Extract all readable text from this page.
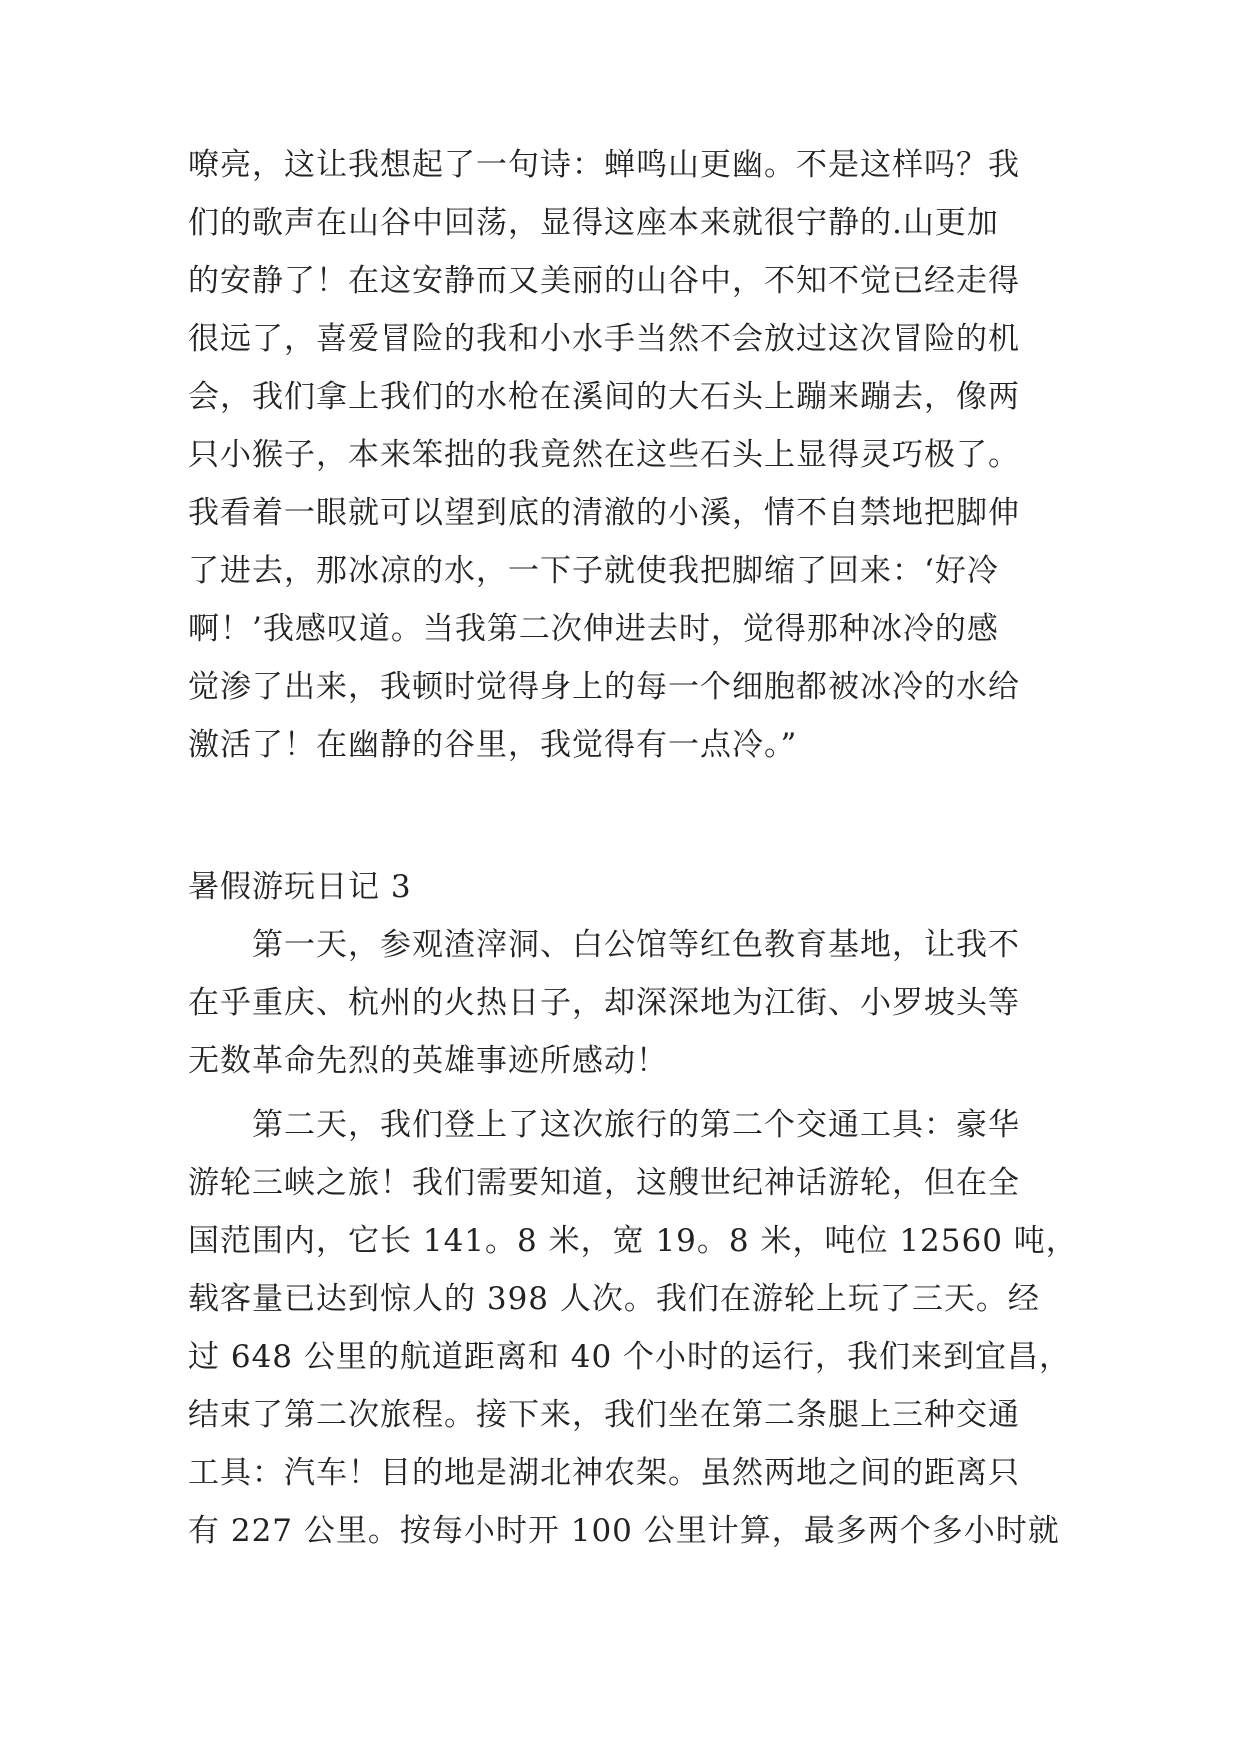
嘹亮，这让我想起了一句诗：蝉鸣山更幽。不是这样吗？我
们的歌声在山谷中回荡，显得这座本来就很宁静的.山更加
的安静了！在这安静而又美丽的山谷中，不知不觉已经走得
很远了，喜爱冒险的我和小水手当然不会放过这次冒险的机
会，我们拿上我们的水枪在溪间的大石头上蹦来蹦去，像两
只小猴子，本来笨拙的我竟然在这些石头上显得灵巧极了。
我看着一眼就可以望到底的清澈的小溪，情不自禁地把脚伸
了进去，那冰凉的水，一下子就使我把脚缩了回来：‘好冷
啊！’我感叹道。当我第二次伸进去时，觉得那种冰冷的感
觉渗了出来，我顿时觉得身上的每一个细胞都被冰冷的水给
激活了！在幽静的谷里，我觉得有一点冷。”
暑假游玩日记 3
第一天，参观渣滓洞、白公馆等红色教育基地，让我不
在乎重庆、杭州的火热日子，却深深地为江街、小罗坡头等
无数革命先烈的英雄事迹所感动！
第二天，我们登上了这次旅行的第二个交通工具：豪华
游轮三峡之旅！我们需要知道，这艘世纪神话游轮，但在全
国范围内，它长 141。8 米，宽 19。8 米，吨位 12560 吨，
载客量已达到惊人的 398 人次。我们在游轮上玩了三天。经
过 648 公里的航道距离和 40 个小时的运行，我们来到宜昌，
结束了第二次旅程。接下来，我们坐在第二条腿上三种交通
工具：汽车！目的地是湖北神农架。虽然两地之间的距离只
有 227 公里。按每小时开 100 公里计算，最多两个多小时就
